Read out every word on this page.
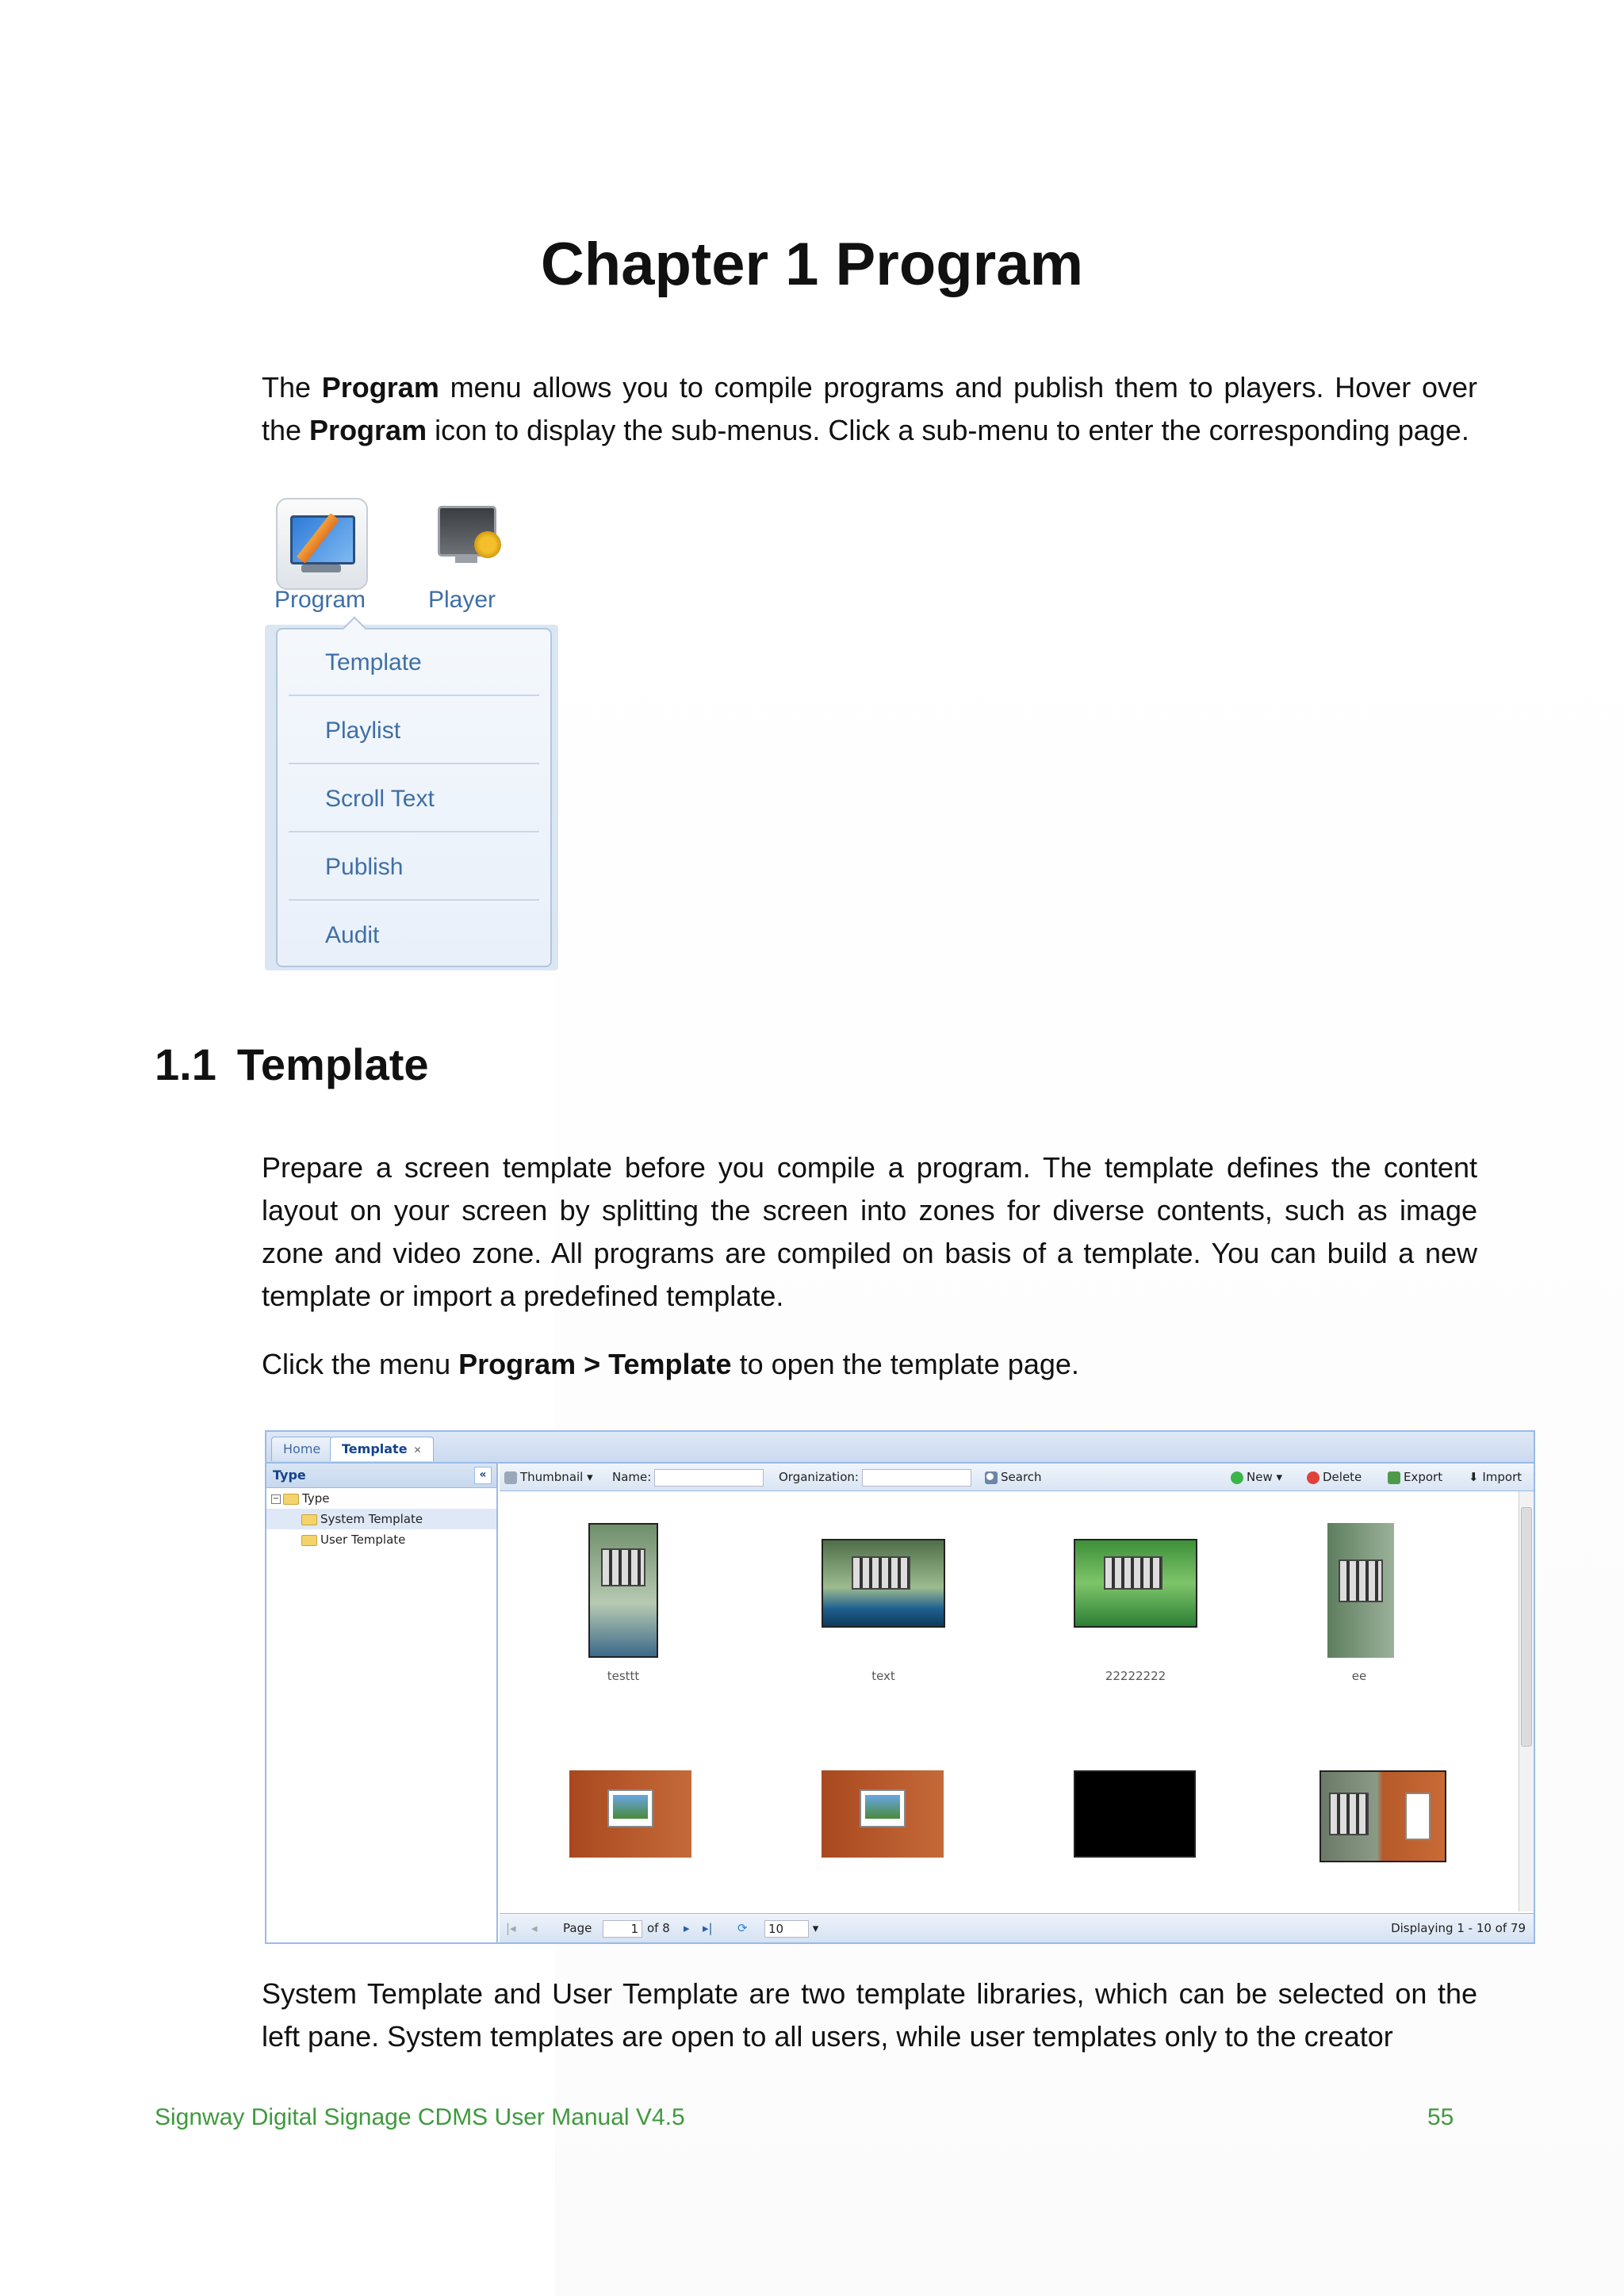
Chapter 1 Program

The Program menu allows you to compile programs and publish them to players. Hover over the Program icon to display the sub-menus. Click a sub-menu to enter the corresponding page.

Program	Player
Template
Playlist
Scroll Text
Publish
Audit
1.1 Template

Prepare a screen template before you compile a program. The template defines the content layout on your screen by splitting the screen into zones for diverse contents, such as image zone and video zone. All programs are compiled on basis of a template. You can build a new template or import a predefined template.

Click the menu Program > Template to open the template page.

Home	Template ✕
Type	«
− Type
System Template
User Template
Thumbnail ▾ Name:	Organization:	Search	New ▾	Delete	Export ⬇ Import
testtt	text	22222222	ee
|◂ ◂ Page	1 of 8 ▸ ▸| ⟳	10 ▾	Displaying 1 - 10 of 79

System Template and User Template are two template libraries, which can be selected on the left pane. System templates are open to all users, while user templates only to the creator

Signway Digital Signage CDMS User Manual V4.5	55
